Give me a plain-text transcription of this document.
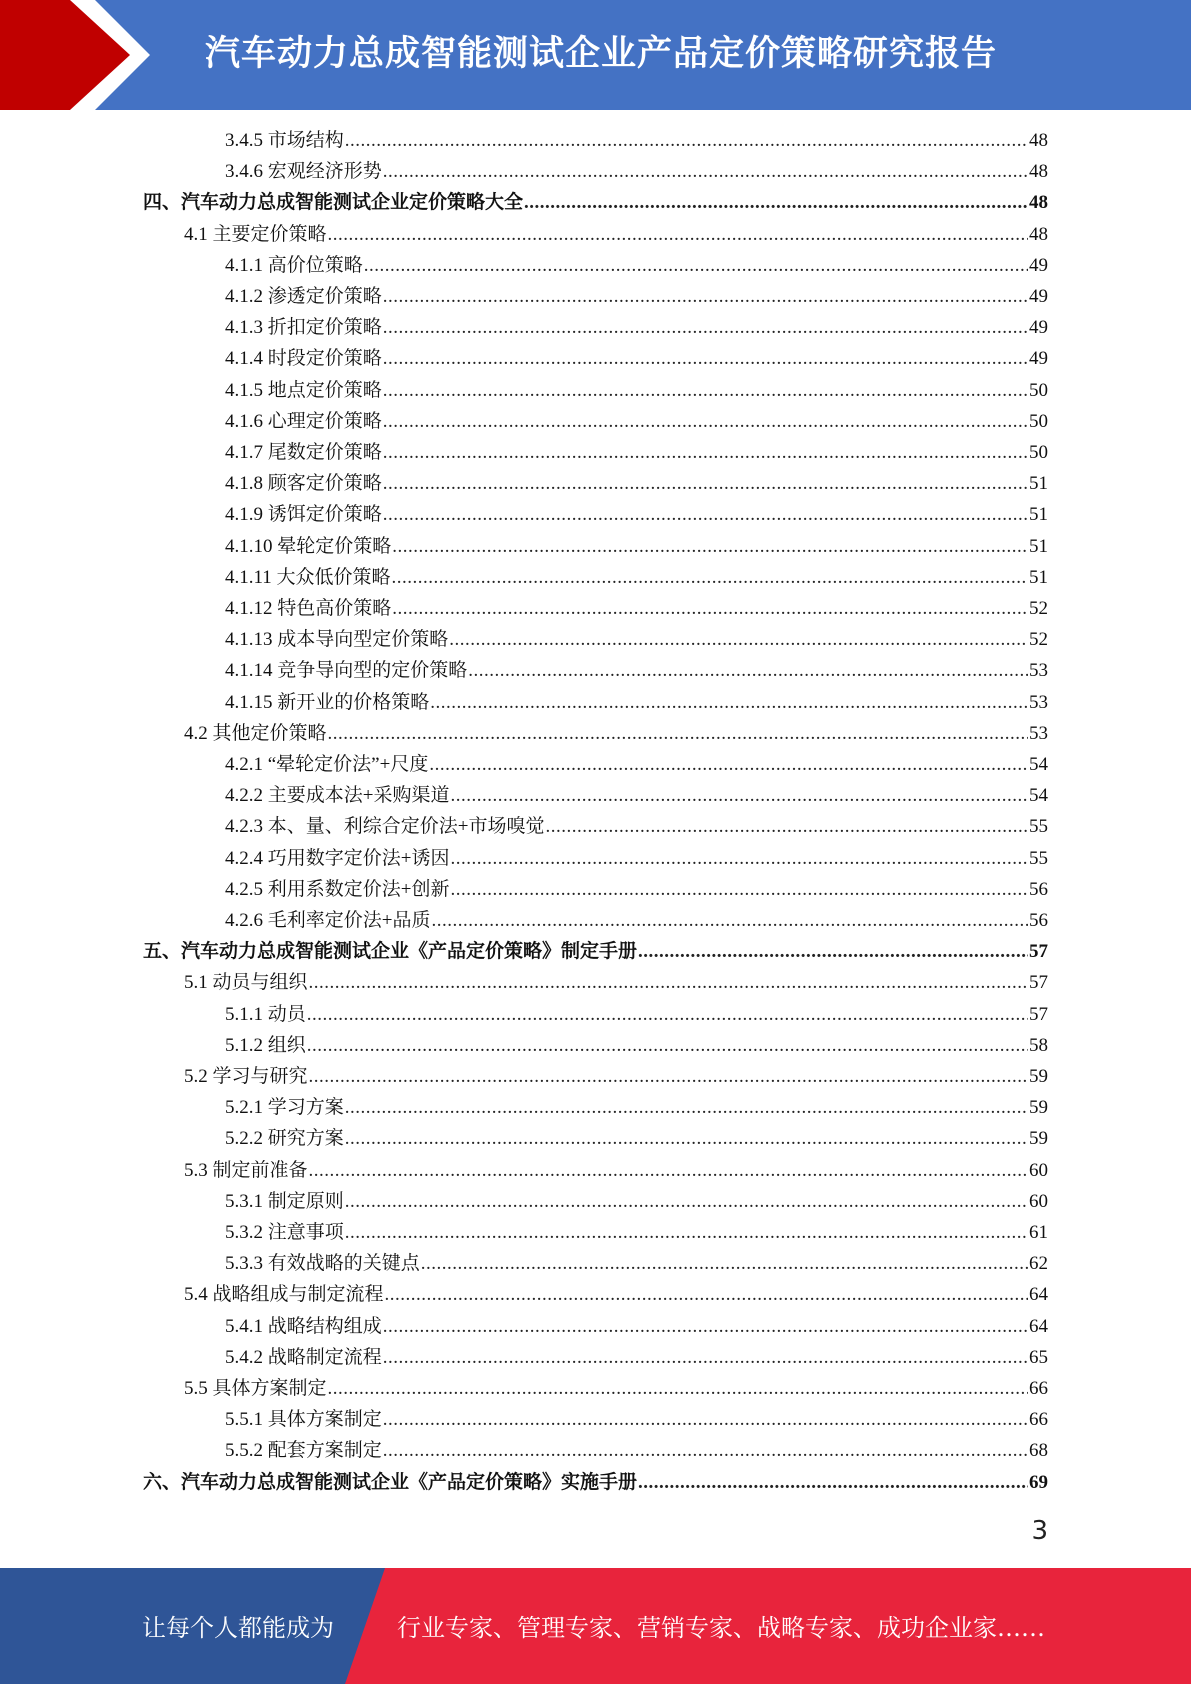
汽车动力总成智能测试企业产品定价策略研究报告
3.4.5 市场结构 .....	48
3.4.6 宏观经济形势 .....	48
四、汽车动力总成智能测试企业定价策略大全 .....	48
4.1 主要定价策略 .....	48
4.1.1 高价位策略 .....	49
4.1.2 渗透定价策略 .....	49
4.1.3 折扣定价策略 .....	49
4.1.4 时段定价策略 .....	49
4.1.5 地点定价策略 .....	50
4.1.6 心理定价策略 .....	50
4.1.7 尾数定价策略 .....	50
4.1.8 顾客定价策略 .....	51
4.1.9 诱饵定价策略 .....	51
4.1.10 晕轮定价策略 .....	51
4.1.11 大众低价策略 .....	51
4.1.12 特色高价策略 .....	52
4.1.13 成本导向型定价策略 .....	52
4.1.14 竞争导向型的定价策略 .....	53
4.1.15 新开业的价格策略 .....	53
4.2 其他定价策略 .....	53
4.2.1 “晕轮定价法”+尺度 .....	54
4.2.2 主要成本法+采购渠道 .....	54
4.2.3 本、量、利综合定价法+市场嗅觉 .....	55
4.2.4 巧用数字定价法+诱因 .....	55
4.2.5 利用系数定价法+创新 .....	56
4.2.6 毛利率定价法+品质 .....	56
五、汽车动力总成智能测试企业《产品定价策略》制定手册 .....	57
5.1 动员与组织 .....	57
5.1.1 动员 .....	57
5.1.2 组织 .....	58
5.2 学习与研究 .....	59
5.2.1 学习方案 .....	59
5.2.2 研究方案 .....	59
5.3 制定前准备 .....	60
5.3.1 制定原则 .....	60
5.3.2 注意事项 .....	61
5.3.3 有效战略的关键点 .....	62
5.4 战略组成与制定流程 .....	64
5.4.1 战略结构组成 .....	64
5.4.2 战略制定流程 .....	65
5.5 具体方案制定 .....	66
5.5.1 具体方案制定 .....	66
5.5.2 配套方案制定 .....	68
六、汽车动力总成智能测试企业《产品定价策略》实施手册 .....	69
3
让每个人都能成为	行业专家、管理专家、营销专家、战略专家、成功企业家……
